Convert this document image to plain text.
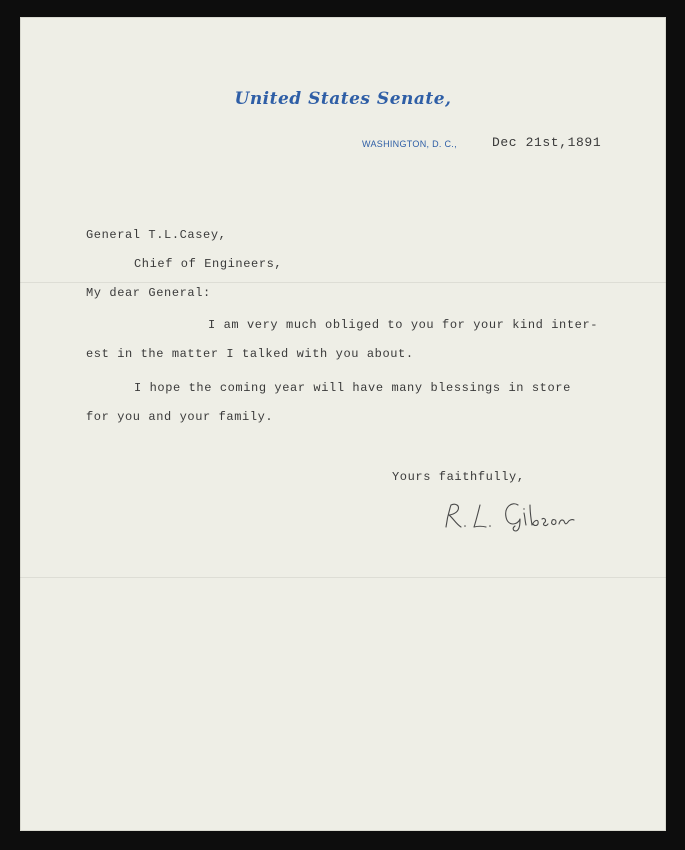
United States Senate,
WASHINGTON, D. C.,	Dec 21st,1891
General T.L.Casey,
Chief of Engineers,
My dear General:
I am very much obliged to you for your kind inter-
est in the matter I talked with you about.
I hope the coming year will have many blessings in store
for you and your family.
Yours faithfully,
